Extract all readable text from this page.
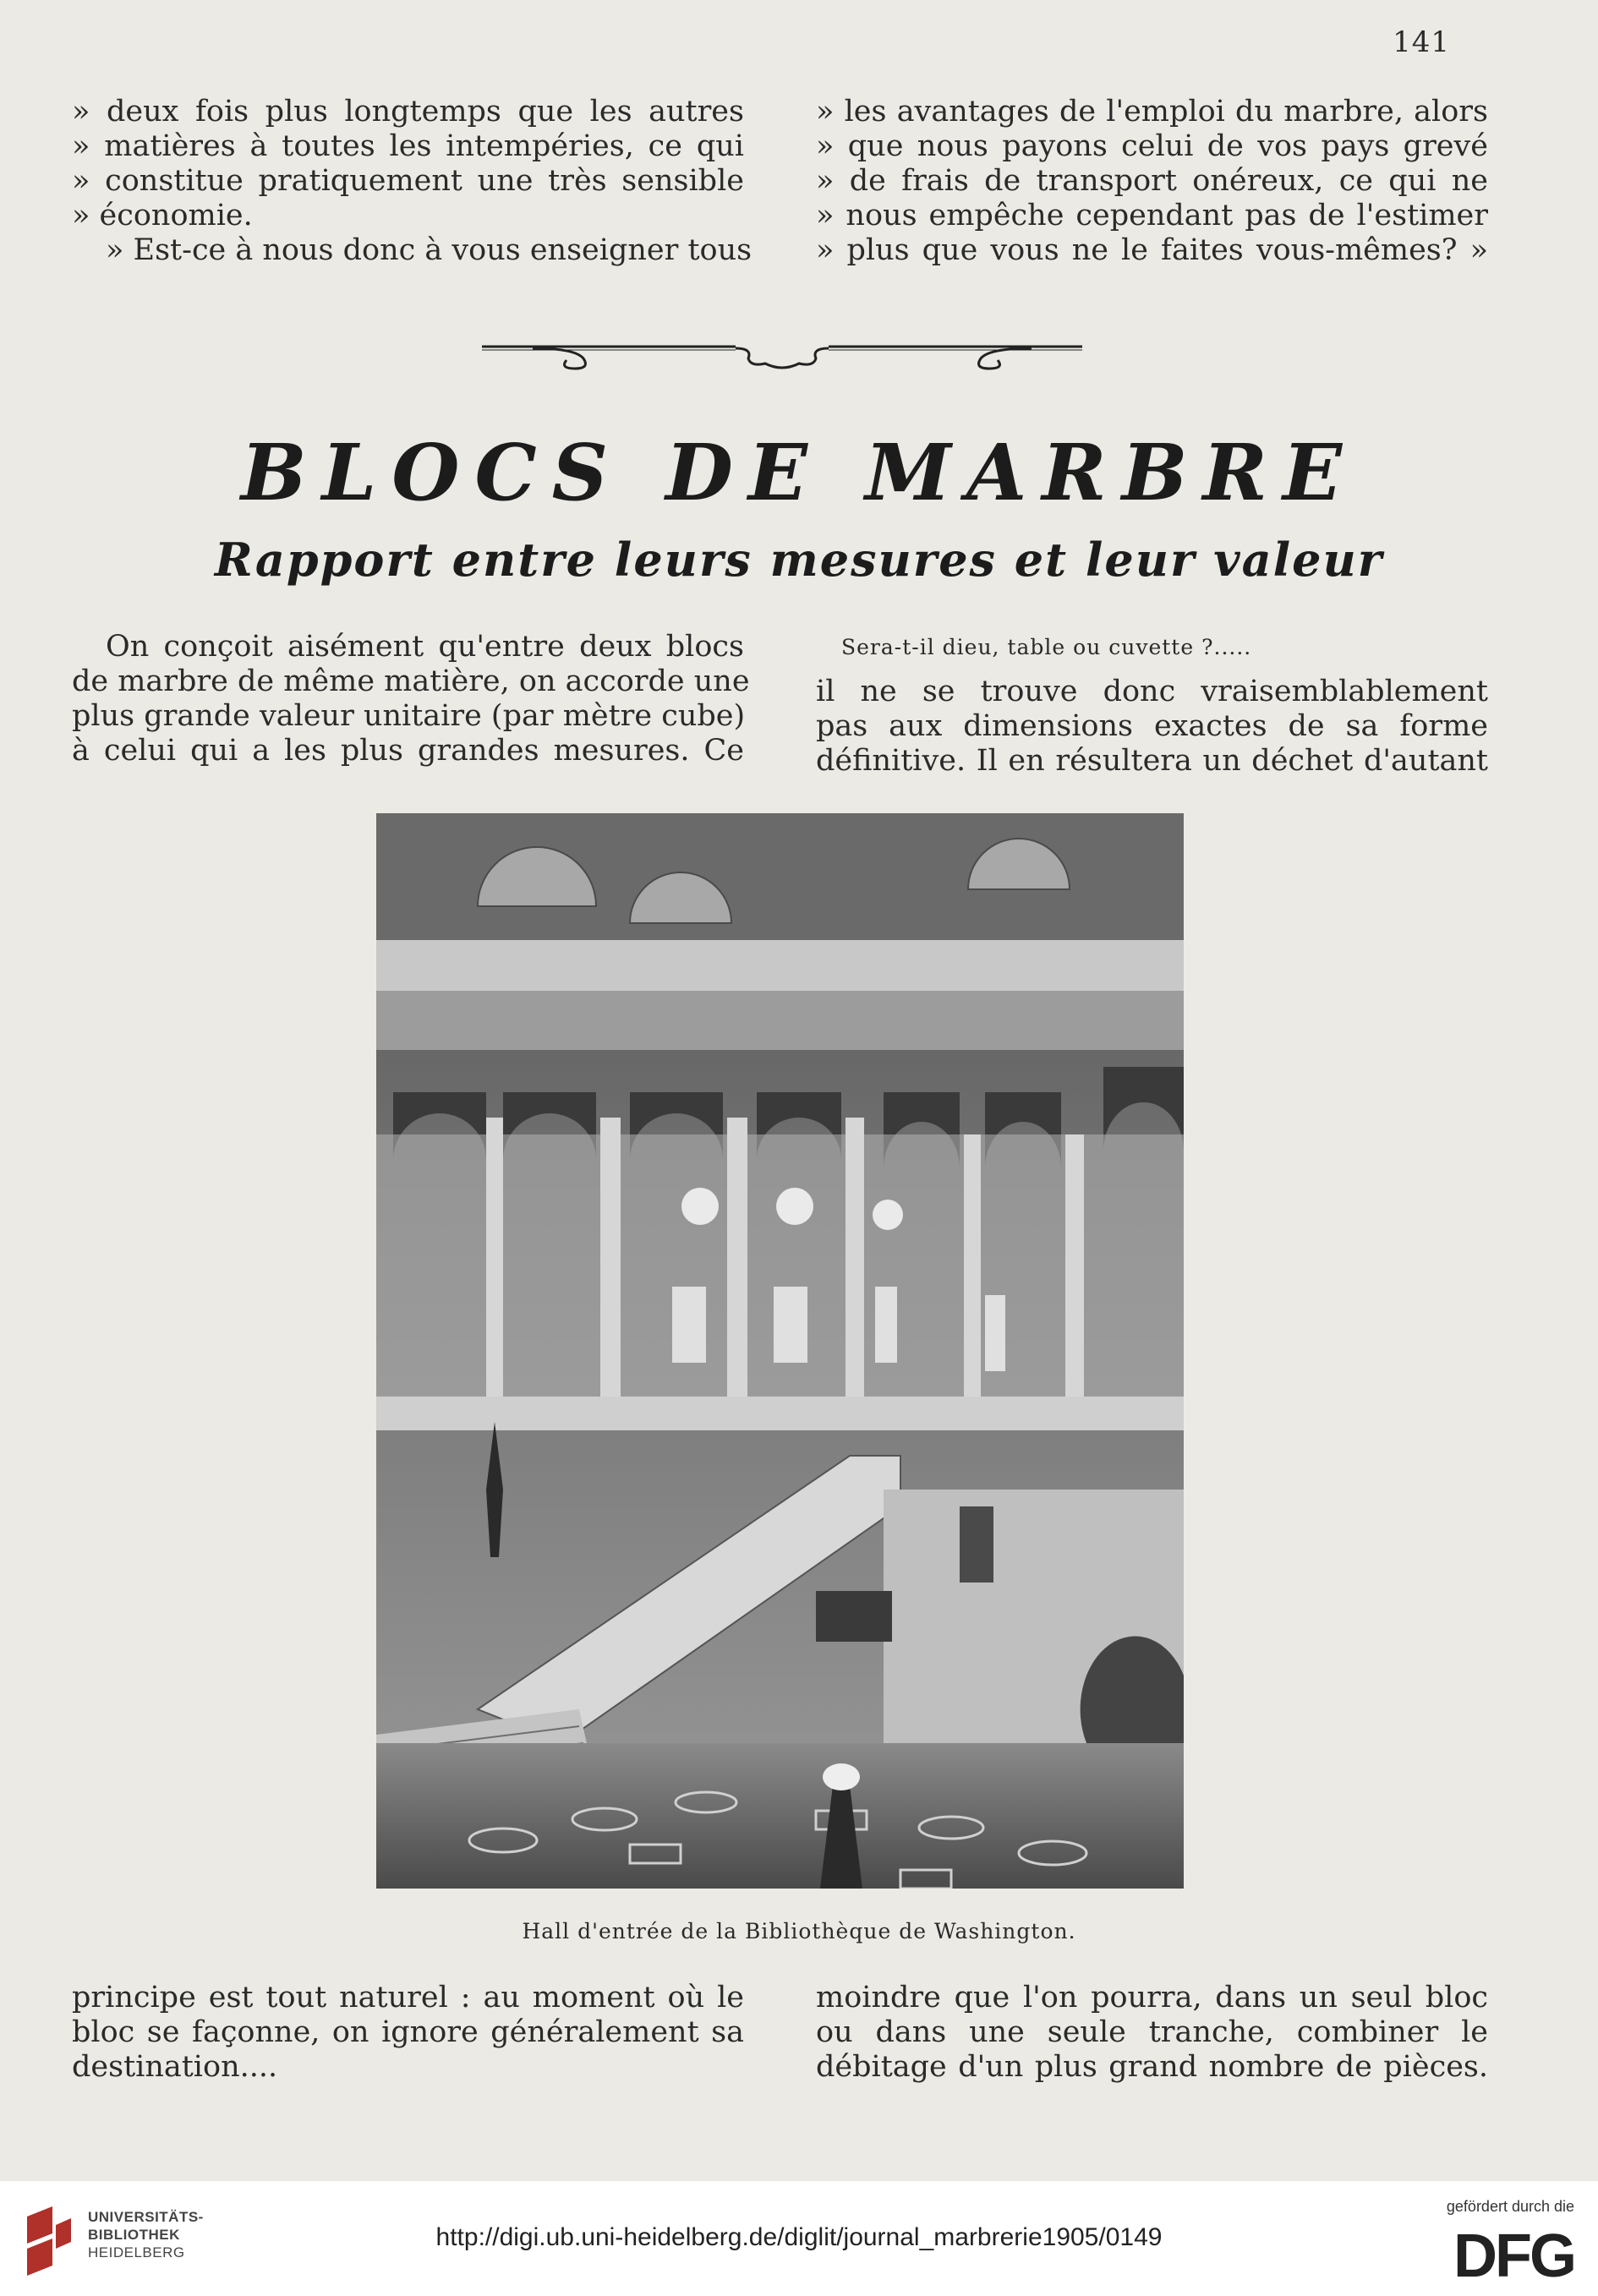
141
» deux fois plus longtemps que les autres
» matières à toutes les intempéries, ce qui
» constitue pratiquement une très sensible
» économie.
» Est-ce à nous donc à vous enseigner tous
» les avantages de l'emploi du marbre, alors
» que nous payons celui de vos pays grevé
» de frais de transport onéreux, ce qui ne
» nous empêche cependant pas de l'estimer
» plus que vous ne le faites vous-mêmes? »
BLOCS DE MARBRE
Rapport entre leurs mesures et leur valeur
On conçoit aisément qu'entre deux blocs
de marbre de même matière, on accorde une
plus grande valeur unitaire (par mètre cube)
à celui qui a les plus grandes mesures. Ce
Sera-t-il dieu, table ou cuvette ?.....
il ne se trouve donc vraisemblablement
pas aux dimensions exactes de sa forme
définitive. Il en résultera un déchet d'autant
Hall d'entrée de la Bibliothèque de Washington.
principe est tout naturel : au moment où le
bloc se façonne, on ignore généralement sa
destination....
moindre que l'on pourra, dans un seul bloc
ou dans une seule tranche, combiner le
débitage d'un plus grand nombre de pièces.
UNIVERSITÄTS-
BIBLIOTHEK
HEIDELBERG
http://digi.ub.uni-heidelberg.de/diglit/journal_marbrerie1905/0149
gefördert durch die
DFG
